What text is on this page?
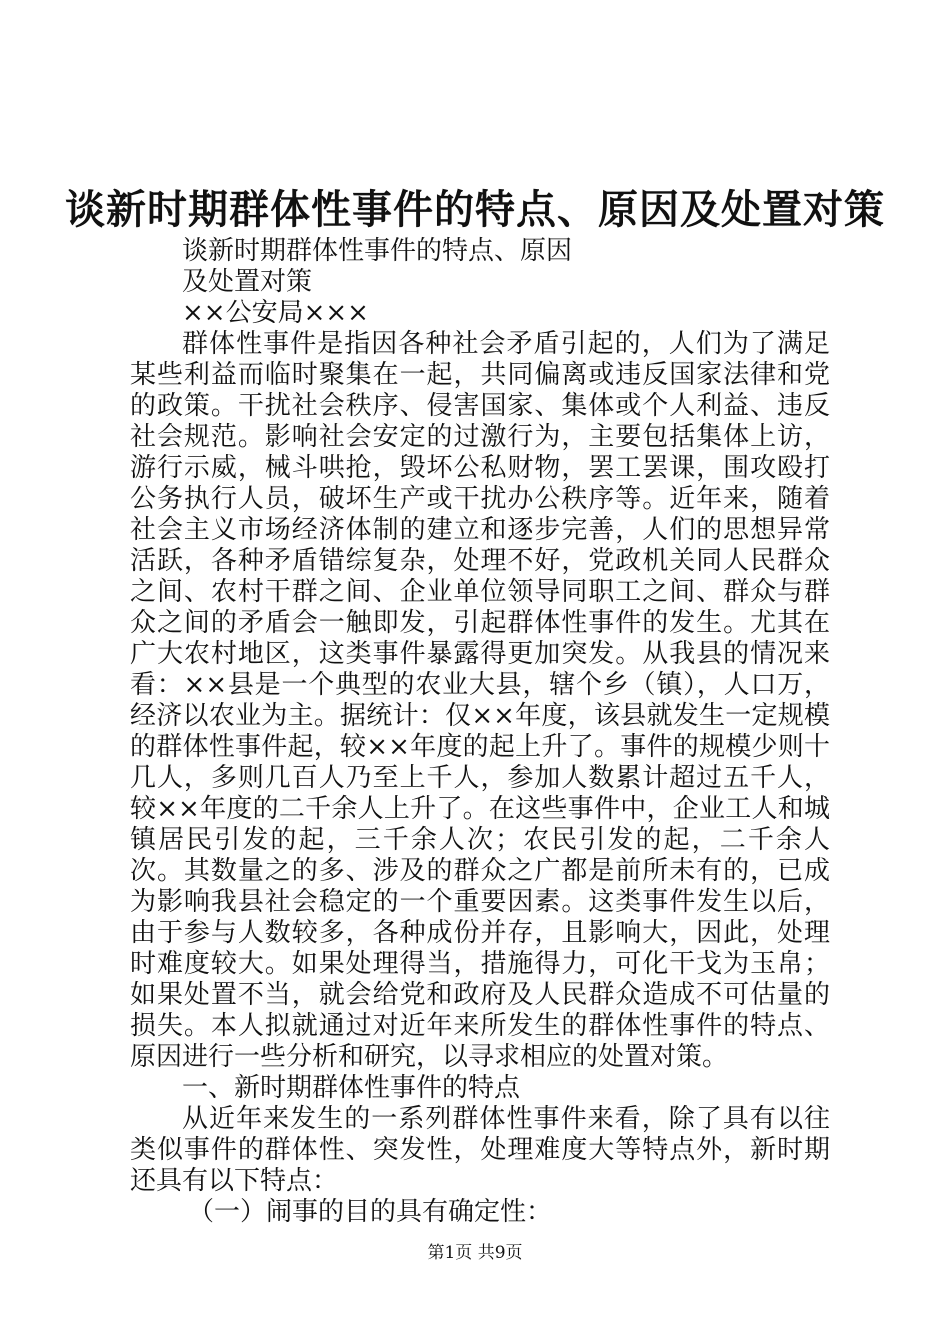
谈新时期群体性事件的特点、原因及处置对策

谈新时期群体性事件的特点、原因

及处置对策

××公安局×××

群体性事件是指因各种社会矛盾引起的，人们为了满足某些利益而临时聚集在一起，共同偏离或违反国家法律和党的政策。干扰社会秩序、侵害国家、集体或个人利益、违反社会规范。影响社会安定的过激行为，主要包括集体上访，游行示威，械斗哄抢，毁坏公私财物，罢工罢课，围攻殴打公务执行人员，破坏生产或干扰办公秩序等。近年来，随着社会主义市场经济体制的建立和逐步完善，人们的思想异常活跃，各种矛盾错综复杂，处理不好，党政机关同人民群众之间、农村干群之间、企业单位领导同职工之间、群众与群众之间的矛盾会一触即发，引起群体性事件的发生。尤其在广大农村地区，这类事件暴露得更加突发。从我县的情况来看：××县是一个典型的农业大县，辖个乡（镇），人口万，经济以农业为主。据统计：仅××年度，该县就发生一定规模的群体性事件起，较××年度的起上升了。事件的规模少则十几人，多则几百人乃至上千人，参加人数累计超过五千人，较××年度的二千余人上升了。在这些事件中，企业工人和城镇居民引发的起，三千余人次；农民引发的起，二千余人次。其数量之的多、涉及的群众之广都是前所未有的，已成为影响我县社会稳定的一个重要因素。这类事件发生以后，由于参与人数较多，各种成份并存，且影响大，因此，处理时难度较大。如果处理得当，措施得力，可化干戈为玉帛；如果处置不当，就会给党和政府及人民群众造成不可估量的损失。本人拟就通过对近年来所发生的群体性事件的特点、原因进行一些分析和研究，以寻求相应的处置对策。

一、新时期群体性事件的特点

从近年来发生的一系列群体性事件来看，除了具有以往类似事件的群体性、突发性，处理难度大等特点外，新时期还具有以下特点：

（一）闹事的目的具有确定性：

第1页 共9页
